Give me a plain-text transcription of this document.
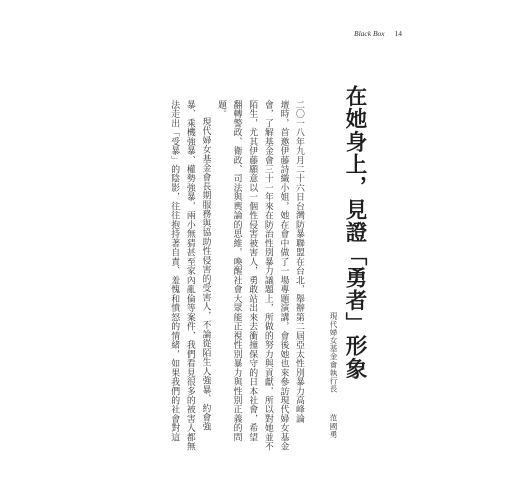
Black Box 14
在她身上，見證「勇者」形象
現代婦女基金會執行長 范國勇
二〇一八年九月二十六日台灣防暴聯盟在台北，舉辦第二屆亞太性別暴力高峰論
壇時，首邀伊藤詩織小姐，她在會中做了一場專題演講，會後她也來參訪現代婦女基金
會，了解基金會三十一年來在防治性別暴力議題上，所做的努力與貢獻，所以對她並不
陌生，尤其伊藤願意以一個性侵害被害人，勇敢站出來去衝撞保守的日本社會，希望
翻轉警政、衛政、司法與輿論的思維，喚醒社會大眾能正視性別暴力與性別正義的問
題。
現代婦女基金會長期服務與協助性侵害的受害人，不論從陌生人強暴、約會強
暴、乘機強暴、權勢強暴，兩小無猜甚至家內亂倫等案件，我們看見很多的被害人都無
法走出「受暴」的陰影，往往抱持著自責、羞愧和憤怒的情緒，如果我們的社會對這
